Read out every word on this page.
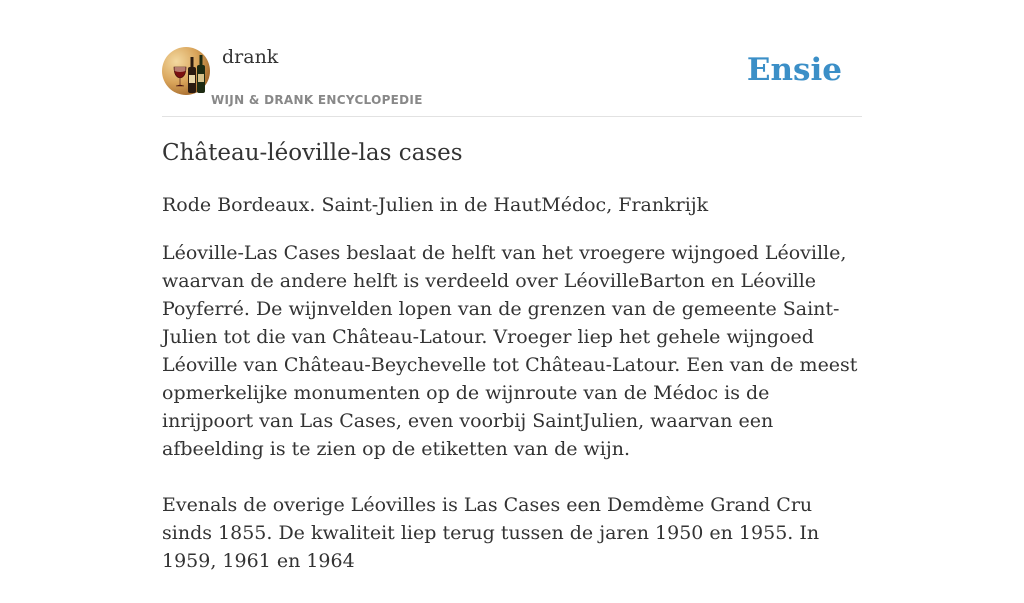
drank
WIJN & DRANK ENCYCLOPEDIE
Ensie
Château-léoville-las cases
Rode Bordeaux. Saint-Julien in de HautMédoc, Frankrijk

Léoville-Las Cases beslaat de helft van het vroegere wijngoed Léoville, waarvan de andere helft is verdeeld over LéovilleBarton en Léoville Poyferré. De wijnvelden lopen van de grenzen van de gemeente Saint-Julien tot die van Château-Latour. Vroeger liep het gehele wijngoed Léoville van Château-Beychevelle tot Château-Latour. Een van de meest opmerkelijke monumenten op de wijnroute van de Médoc is de inrijpoort van Las Cases, even voorbij SaintJulien, waarvan een afbeelding is te zien op de etiketten van de wijn.

Evenals de overige Léovilles is Las Cases een Demdème Grand Cru sinds 1855. De kwaliteit liep terug tussen de jaren 1950 en 1955. In 1959, 1961 en 1964
